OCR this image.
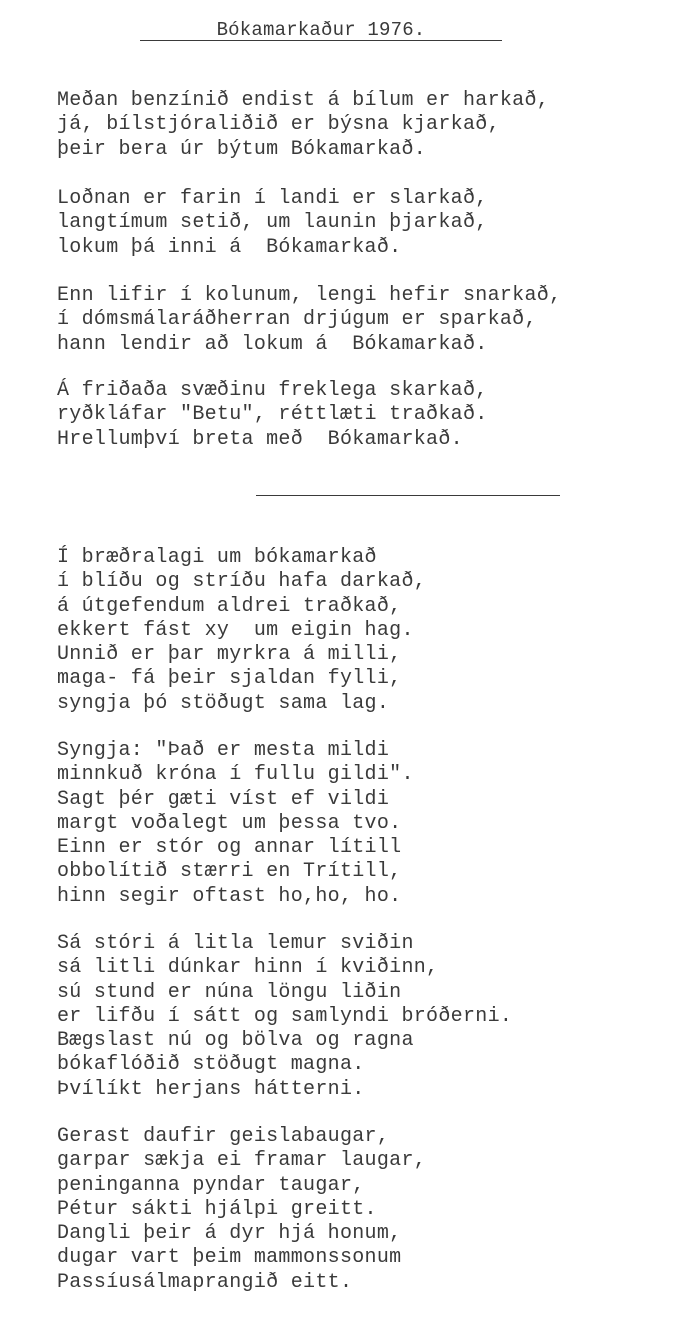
Bókamarkaður 1976.
Meðan benzínið endist á bílum er harkað,
já, bílstjóraliðið er býsna kjarkað,
þeir bera úr býtum Bókamarkað.
Loðnan er farin í landi er slarkað,
langtímum setið, um launin þjarkað,
lokum þá inni á  Bókamarkað.
Enn lifir í kolunum, lengi hefir snarkað,
í dómsmálaráðherran drjúgum er sparkað,
hann lendir að lokum á  Bókamarkað.
Á friðaða svæðinu freklega skarkað,
ryðkláfar "Betu", réttlæti traðkað.
Hrellumþví breta með  Bókamarkað.
Í bræðralagi um bókamarkað
í blíðu og stríðu hafa darkað,
á útgefendum aldrei traðkað,
ekkert fást xy  um eigin hag.
Unnið er þar myrkra á milli,
maga- fá þeir sjaldan fylli,
syngja þó stöðugt sama lag.
Syngja: "Það er mesta mildi
minnkuð króna í fullu gildi".
Sagt þér gæti víst ef vildi
margt voðalegt um þessa tvo.
Einn er stór og annar lítill
obbolítið stærri en Trítill,
hinn segir oftast ho,ho, ho.
Sá stóri á litla lemur sviðin
sá litli dúnkar hinn í kviðinn,
sú stund er núna löngu liðin
er lifðu í sátt og samlyndi bróðerni.
Bægslast nú og bölva og ragna
bókaflóðið stöðugt magna.
Þvílíkt herjans hátterni.
Gerast daufir geislabaugar,
garpar sækja ei framar laugar,
peninganna pyndar taugar,
Pétur sákti hjálpi greitt.
Dangli þeir á dyr hjá honum,
dugar vart þeim mammonssonum
Passíusálmaprangið eitt.
